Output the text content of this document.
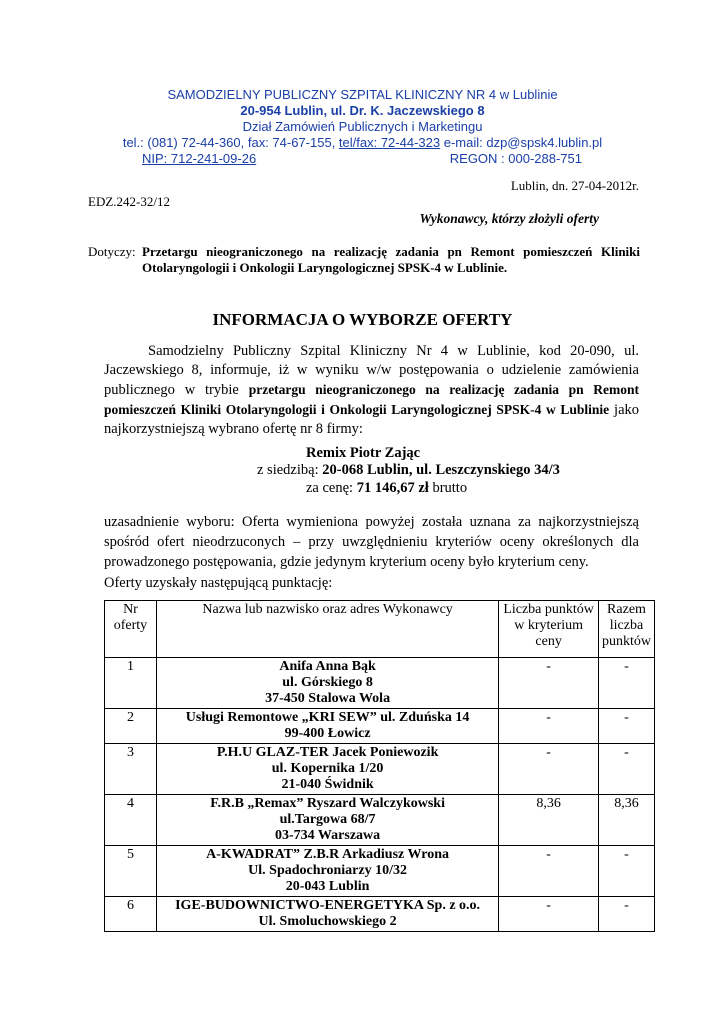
SAMODZIELNY PUBLICZNY SZPITAL KLINICZNY NR 4 w Lublinie
20-954 Lublin, ul. Dr. K. Jaczewskiego 8
Dział Zamówień Publicznych i Marketingu
tel.: (081) 72-44-360, fax: 74-67-155, tel/fax: 72-44-323 e-mail: dzp@spsk4.lublin.pl
NIP: 712-241-09-26	REGON : 000-288-751
Lublin, dn. 27-04-2012r.
EDZ.242-32/12
Wykonawcy, którzy złożyli oferty
Dotyczy: Przetargu nieograniczonego na realizację zadania pn Remont pomieszczeń Kliniki
Otolaryngologii i Onkologii Laryngologicznej SPSK-4 w Lublinie.
INFORMACJA O WYBORZE OFERTY
Samodzielny Publiczny Szpital Kliniczny Nr 4 w Lublinie, kod 20-090, ul. Jaczewskiego 8, informuje, iż w wyniku w/w postępowania o udzielenie zamówienia publicznego w trybie przetargu nieograniczonego na realizację zadania pn Remont pomieszczeń Kliniki Otolaryngologii i Onkologii Laryngologicznej SPSK-4 w Lublinie jako najkorzystniejszą wybrano ofertę nr 8 firmy:
Remix Piotr Zając
z siedzibą: 20-068 Lublin, ul. Leszczynskiego 34/3
za cenę: 71 146,67 zł brutto
uzasadnienie wyboru: Oferta wymieniona powyżej została uznana za najkorzystniejszą spośród ofert nieodrzuconych – przy uwzględnieniu kryteriów oceny określonych dla prowadzonego postępowania, gdzie jedynym kryterium oceny było kryterium ceny.
Oferty uzyskały następującą punktację:
Nr oferty	Nazwa lub nazwisko oraz adres Wykonawcy	Liczba punktów w kryterium ceny	Razem liczba punktów
1	Anifa Anna Bąk
ul. Górskiego 8
37-450 Stalowa Wola	-	-
2	Usługi Remontowe „KRI SEW” ul. Zduńska 14
99-400 Łowicz	-	-
3	P.H.U GLAZ-TER Jacek Poniewozik
ul. Kopernika 1/20
21-040 Świdnik	-	-
4	F.R.B „Remax” Ryszard Walczykowski
ul.Targowa 68/7
03-734 Warszawa	8,36	8,36
5	A-KWADRAT” Z.B.R Arkadiusz Wrona
Ul. Spadochroniarzy 10/32
20-043 Lublin	-	-
6	IGE-BUDOWNICTWO-ENERGETYKA Sp. z o.o.
Ul. Smoluchowskiego 2	-	-
